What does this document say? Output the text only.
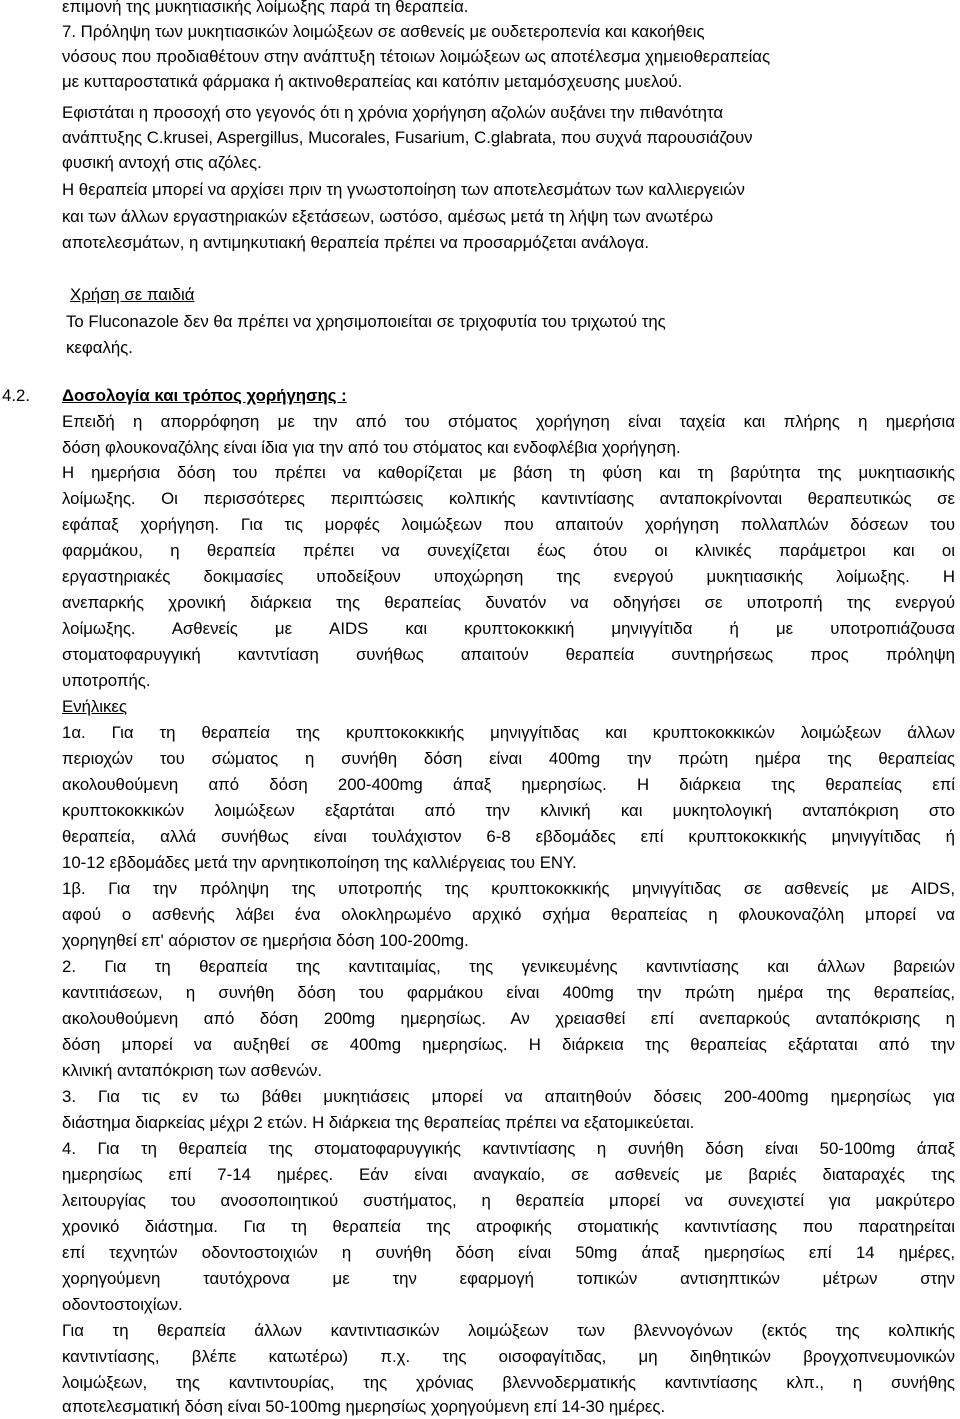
επιμονή της μυκητιασικής λοίμωξης παρά τη θεραπεία.

7. Πρόληψη των μυκητιασικών λοιμώξεων σε ασθενείς με ουδετεροπενία και κακοήθεις

νόσους που προδιαθέτουν στην ανάπτυξη τέτοιων λοιμώξεων ως αποτέλεσμα χημειοθεραπείας

με κυτταροστατικά φάρμακα ή ακτινοθεραπείας και κατόπιν μεταμόσχευσης μυελού.

Εφιστάται η προσοχή στο γεγονός ότι η χρόνια χορήγηση αζολών αυξάνει την πιθανότητα

ανάπτυξης C.krusei, Aspergillus, Mucorales, Fusarium, C.glabrata, που συχνά παρουσιάζουν

φυσική αντοχή στις αζόλες.

Η θεραπεία μπορεί να αρχίσει πριν τη γνωστοποίηση των αποτελεσμάτων των καλλιεργειών

και των άλλων εργαστηριακών εξετάσεων, ωστόσο, αμέσως μετά τη λήψη των ανωτέρω

αποτελεσμάτων, η αντιμηκυτιακή θεραπεία πρέπει να προσαρμόζεται ανάλογα.

Χρήση σε παιδιά

Το Fluconazole δεν θα πρέπει να χρησιμοποιείται σε τριχοφυτία του τριχωτού της

κεφαλής.

4.2. Δοσολογία και τρόπος χορήγησης :

Επειδή η απορρόφηση με την από του στόματος χορήγηση είναι ταχεία και πλήρης η ημερήσια

δόση φλουκοναζόλης είναι ίδια για την από του στόματος και ενδοφλέβια χορήγηση.

Η ημερήσια δόση του πρέπει να καθορίζεται με βάση τη φύση και τη βαρύτητα της μυκητιασικής

λοίμωξης. Οι περισσότερες περιπτώσεις κολπικής καντιντίασης ανταποκρίνονται θεραπευτικώς σε

εφάπαξ χορήγηση. Για τις μορφές λοιμώξεων που απαιτούν χορήγηση πολλαπλών δόσεων του

φαρμάκου, η θεραπεία πρέπει να συνεχίζεται έως ότου οι κλινικές παράμετροι και οι

εργαστηριακές δοκιμασίες υποδείξουν υποχώρηση της ενεργού μυκητιασικής λοίμωξης. Η

ανεπαρκής χρονική διάρκεια της θεραπείας δυνατόν να οδηγήσει σε υποτροπή της ενεργού

λοίμωξης. Ασθενείς με AIDS και κρυπτοκοκκική μηνιγγίτιδα ή με υποτροπιάζουσα

στοματοφαρυγγική καντντίαση συνήθως απαιτούν θεραπεία συντηρήσεως προς πρόληψη

υποτροπής.

Ενήλικες

1α. Για τη θεραπεία της κρυπτοκοκκικής μηνιγγίτιδας και κρυπτοκοκκικών λοιμώξεων άλλων

περιοχών του σώματος η συνήθη δόση είναι 400mg την πρώτη ημέρα της θεραπείας

ακολουθούμενη από δόση 200-400mg άπαξ ημερησίως. Η διάρκεια της θεραπείας επί

κρυπτοκοκκικών λοιμώξεων εξαρτάται από την κλινική και μυκητολογική ανταπόκριση στο

θεραπεία, αλλά συνήθως είναι τουλάχιστον 6-8 εβδομάδες επί κρυπτοκοκκικής μηνιγγίτιδας ή

10-12 εβδομάδες μετά την αρνητικοποίηση της καλλιέργειας του ΕΝΥ.

1β. Για την πρόληψη της υποτροπής της κρυπτοκοκκικής μηνιγγίτιδας σε ασθενείς με AIDS,

αφού ο ασθενής λάβει ένα ολοκληρωμένο αρχικό σχήμα θεραπείας η φλουκοναζόλη μπορεί να

χορηγηθεί επ' αόριστον σε ημερήσια δόση 100-200mg.

2. Για τη θεραπεία της καντιταιμίας, της γενικευμένης καντιντίασης και άλλων βαρειών

καντιτιάσεων, η συνήθη δόση του φαρμάκου είναι 400mg την πρώτη ημέρα της θεραπείας,

ακολουθούμενη από δόση 200mg ημερησίως. Αν χρειασθεί επί ανεπαρκούς ανταπόκρισης η

δόση μπορεί να αυξηθεί σε 400mg ημερησίως. Η διάρκεια της θεραπείας εξάρταται από την

κλινική ανταπόκριση των ασθενών.

3. Για τις εν τω βάθει μυκητιάσεις μπορεί να απαιτηθούν δόσεις 200-400mg ημερησίως για

διάστημα διαρκείας μέχρι 2 ετών. Η διάρκεια της θεραπείας πρέπει να εξατομικεύεται.

4. Για τη θεραπεία της στοματοφαρυγγικής καντιντίασης η συνήθη δόση είναι 50-100mg άπαξ

ημερησίως επί 7-14 ημέρες. Εάν είναι αναγκαίο, σε ασθενείς με βαριές διαταραχές της

λειτουργίας του ανοσοποιητικού συστήματος, η θεραπεία μπορεί να συνεχιστεί για μακρύτερο

χρονικό διάστημα. Για τη θεραπεία της ατροφικής στοματικής καντιντίασης που παρατηρείται

επί τεχνητών οδοντοστοιχιών η συνήθη δόση είναι 50mg άπαξ ημερησίως επί 14 ημέρες,

χορηγούμενη ταυτόχρονα με την εφαρμογή τοπικών αντισηπτικών μέτρων στην

οδοντοστοιχίων.

Για τη θεραπεία άλλων καντιντιασικών λοιμώξεων των βλεννογόνων (εκτός της κολπικής

καντιντίασης, βλέπε κατωτέρω) π.χ. της οισοφαγίτιδας, μη διηθητικών βρογχοπνευμονικών

λοιμώξεων, της καντιντουρίας, της χρόνιας βλεννοδερματικής καντιντίασης κλπ., η συνήθης

αποτελεσματική δόση είναι 50-100mg ημερησίως χορηγούμενη επί 14-30 ημέρες.
